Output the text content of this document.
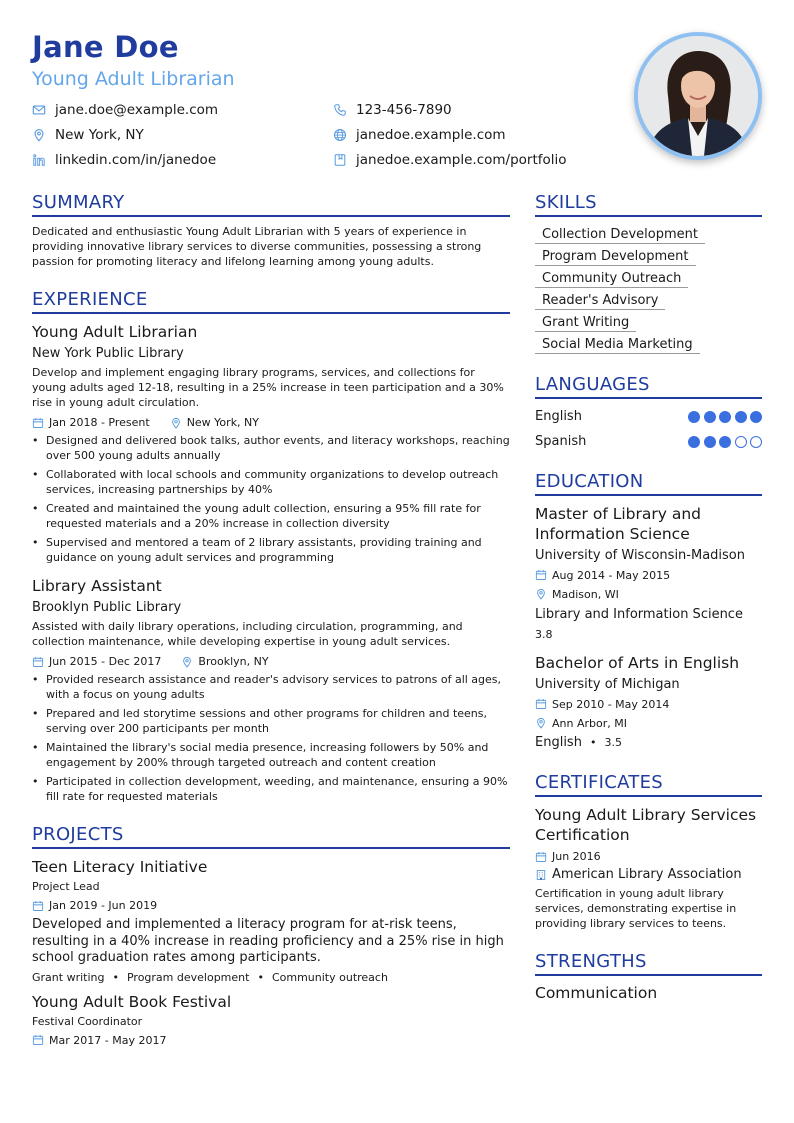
Jane Doe
Young Adult Librarian
jane.doe@example.com	123-456-7890
New York, NY	janedoe.example.com
linkedin.com/in/janedoe	janedoe.example.com/portfolio
SUMMARY
Dedicated and enthusiastic Young Adult Librarian with 5 years of experience in providing innovative library services to diverse communities, possessing a strong passion for promoting literacy and lifelong learning among young adults.
EXPERIENCE
Young Adult Librarian
New York Public Library
Develop and implement engaging library programs, services, and collections for young adults aged 12-18, resulting in a 25% increase in teen participation and a 30% rise in young adult circulation.
Jan 2018 - Present	New York, NY
• Designed and delivered book talks, author events, and literacy workshops, reaching over 500 young adults annually
• Collaborated with local schools and community organizations to develop outreach services, increasing partnerships by 40%
• Created and maintained the young adult collection, ensuring a 95% fill rate for requested materials and a 20% increase in collection diversity
• Supervised and mentored a team of 2 library assistants, providing training and guidance on young adult services and programming
Library Assistant
Brooklyn Public Library
Assisted with daily library operations, including circulation, programming, and collection maintenance, while developing expertise in young adult services.
Jun 2015 - Dec 2017	Brooklyn, NY
• Provided research assistance and reader's advisory services to patrons of all ages, with a focus on young adults
• Prepared and led storytime sessions and other programs for children and teens, serving over 200 participants per month
• Maintained the library's social media presence, increasing followers by 50% and engagement by 200% through targeted outreach and content creation
• Participated in collection development, weeding, and maintenance, ensuring a 90% fill rate for requested materials
PROJECTS
Teen Literacy Initiative
Project Lead
Jan 2019 - Jun 2019
Developed and implemented a literacy program for at-risk teens, resulting in a 40% increase in reading proficiency and a 25% rise in high school graduation rates among participants.
Grant writing • Program development • Community outreach
Young Adult Book Festival
Festival Coordinator
Mar 2017 - May 2017
SKILLS
Collection Development
Program Development
Community Outreach
Reader's Advisory
Grant Writing
Social Media Marketing
LANGUAGES
English
Spanish
EDUCATION
Master of Library and Information Science
University of Wisconsin-Madison
Aug 2014 - May 2015
Madison, WI
Library and Information Science
3.8
Bachelor of Arts in English
University of Michigan
Sep 2010 - May 2014
Ann Arbor, MI
English • 3.5
CERTIFICATES
Young Adult Library Services Certification
Jun 2016
American Library Association
Certification in young adult library services, demonstrating expertise in providing library services to teens.
STRENGTHS
Communication
